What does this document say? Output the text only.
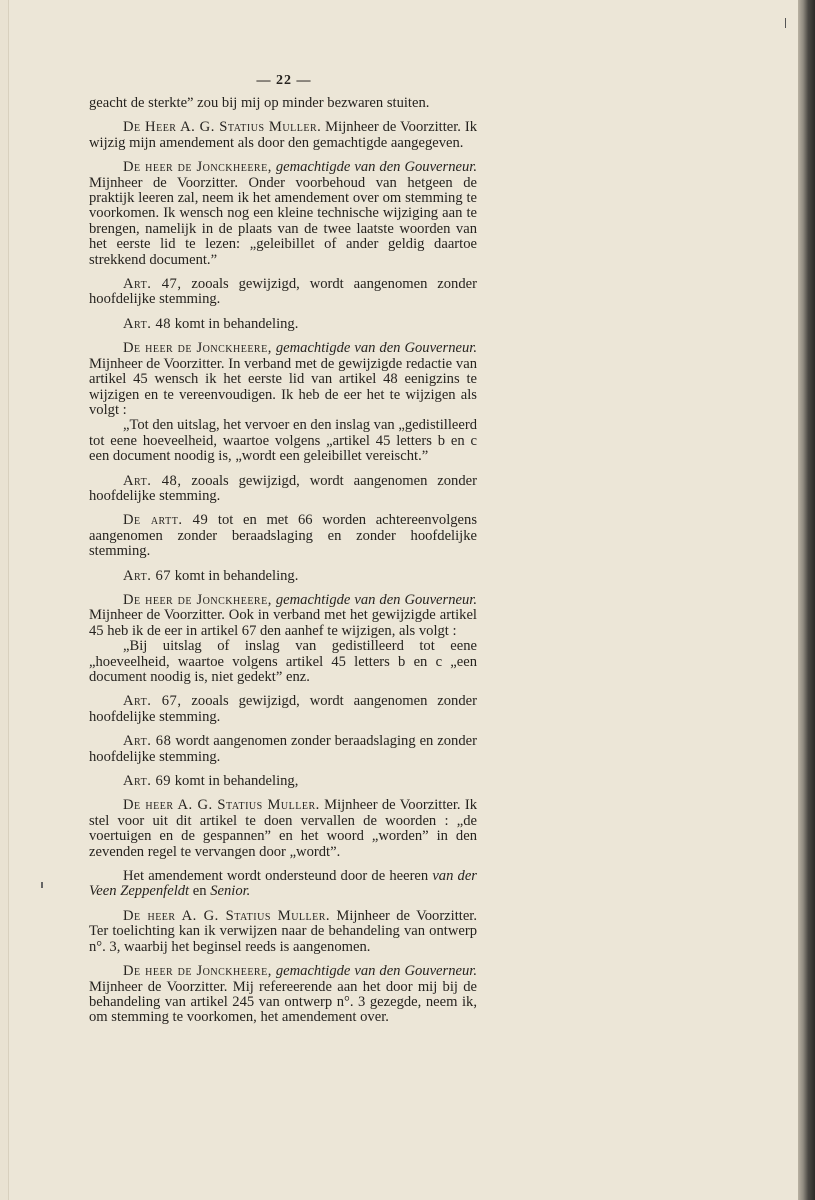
— 22 —

geacht de sterkte” zou bij mij op minder bezwaren stuiten.

De Heer A. G. Statius Muller. Mijnheer de Voorzitter. Ik wijzig mijn amendement als door den gemachtigde aangegeven.

De heer de Jonckheere, gemachtigde van den Gouverneur. Mijnheer de Voorzitter. Onder voorbehoud van hetgeen de praktijk leeren zal, neem ik het amendement over om stemming te voorkomen. Ik wensch nog een kleine technische wijziging aan te brengen, namelijk in de plaats van de twee laatste woorden van het eerste lid te lezen: „geleibillet of ander geldig daartoe strekkend document.”

Art. 47, zooals gewijzigd, wordt aangenomen zonder hoofdelijke stemming.

Art. 48 komt in behandeling.

De heer de Jonckheere, gemachtigde van den Gouverneur. Mijnheer de Voorzitter. In verband met de gewijzigde redactie van artikel 45 wensch ik het eerste lid van artikel 48 eenigzins te wijzigen en te vereenvoudigen. Ik heb de eer het te wijzigen als volgt :

„Tot den uitslag, het vervoer en den inslag van „gedistilleerd tot eene hoeveelheid, waartoe volgens „artikel 45 letters b en c een document noodig is, „wordt een geleibillet vereischt.”

Art. 48, zooals gewijzigd, wordt aangenomen zonder hoofdelijke stemming.

De artt. 49 tot en met 66 worden achtereenvolgens aangenomen zonder beraadslaging en zonder hoofdelijke stemming.

Art. 67 komt in behandeling.

De heer de Jonckheere, gemachtigde van den Gouverneur. Mijnheer de Voorzitter. Ook in verband met het gewijzigde artikel 45 heb ik de eer in artikel 67 den aanhef te wijzigen, als volgt :

„Bij uitslag of inslag van gedistilleerd tot eene „hoeveelheid, waartoe volgens artikel 45 letters b en c „een document noodig is, niet gedekt” enz.

Art. 67, zooals gewijzigd, wordt aangenomen zonder hoofdelijke stemming.

Art. 68 wordt aangenomen zonder beraadslaging en zonder hoofdelijke stemming.

Art. 69 komt in behandeling,

De heer A. G. Statius Muller. Mijnheer de Voorzitter. Ik stel voor uit dit artikel te doen vervallen de woorden : „de voertuigen en de gespannen” en het woord „worden” in den zevenden regel te vervangen door „wordt”.

Het amendement wordt ondersteund door de heeren van der Veen Zeppenfeldt en Senior.

De heer A. G. Statius Muller. Mijnheer de Voorzitter. Ter toelichting kan ik verwijzen naar de behandeling van ontwerp n°. 3, waarbij het beginsel reeds is aangenomen.

De heer de Jonckheere, gemachtigde van den Gouverneur. Mijnheer de Voorzitter. Mij refereerende aan het door mij bij de behandeling van artikel 245 van ontwerp n°. 3 gezegde, neem ik, om stemming te voorkomen, het amendement over.
